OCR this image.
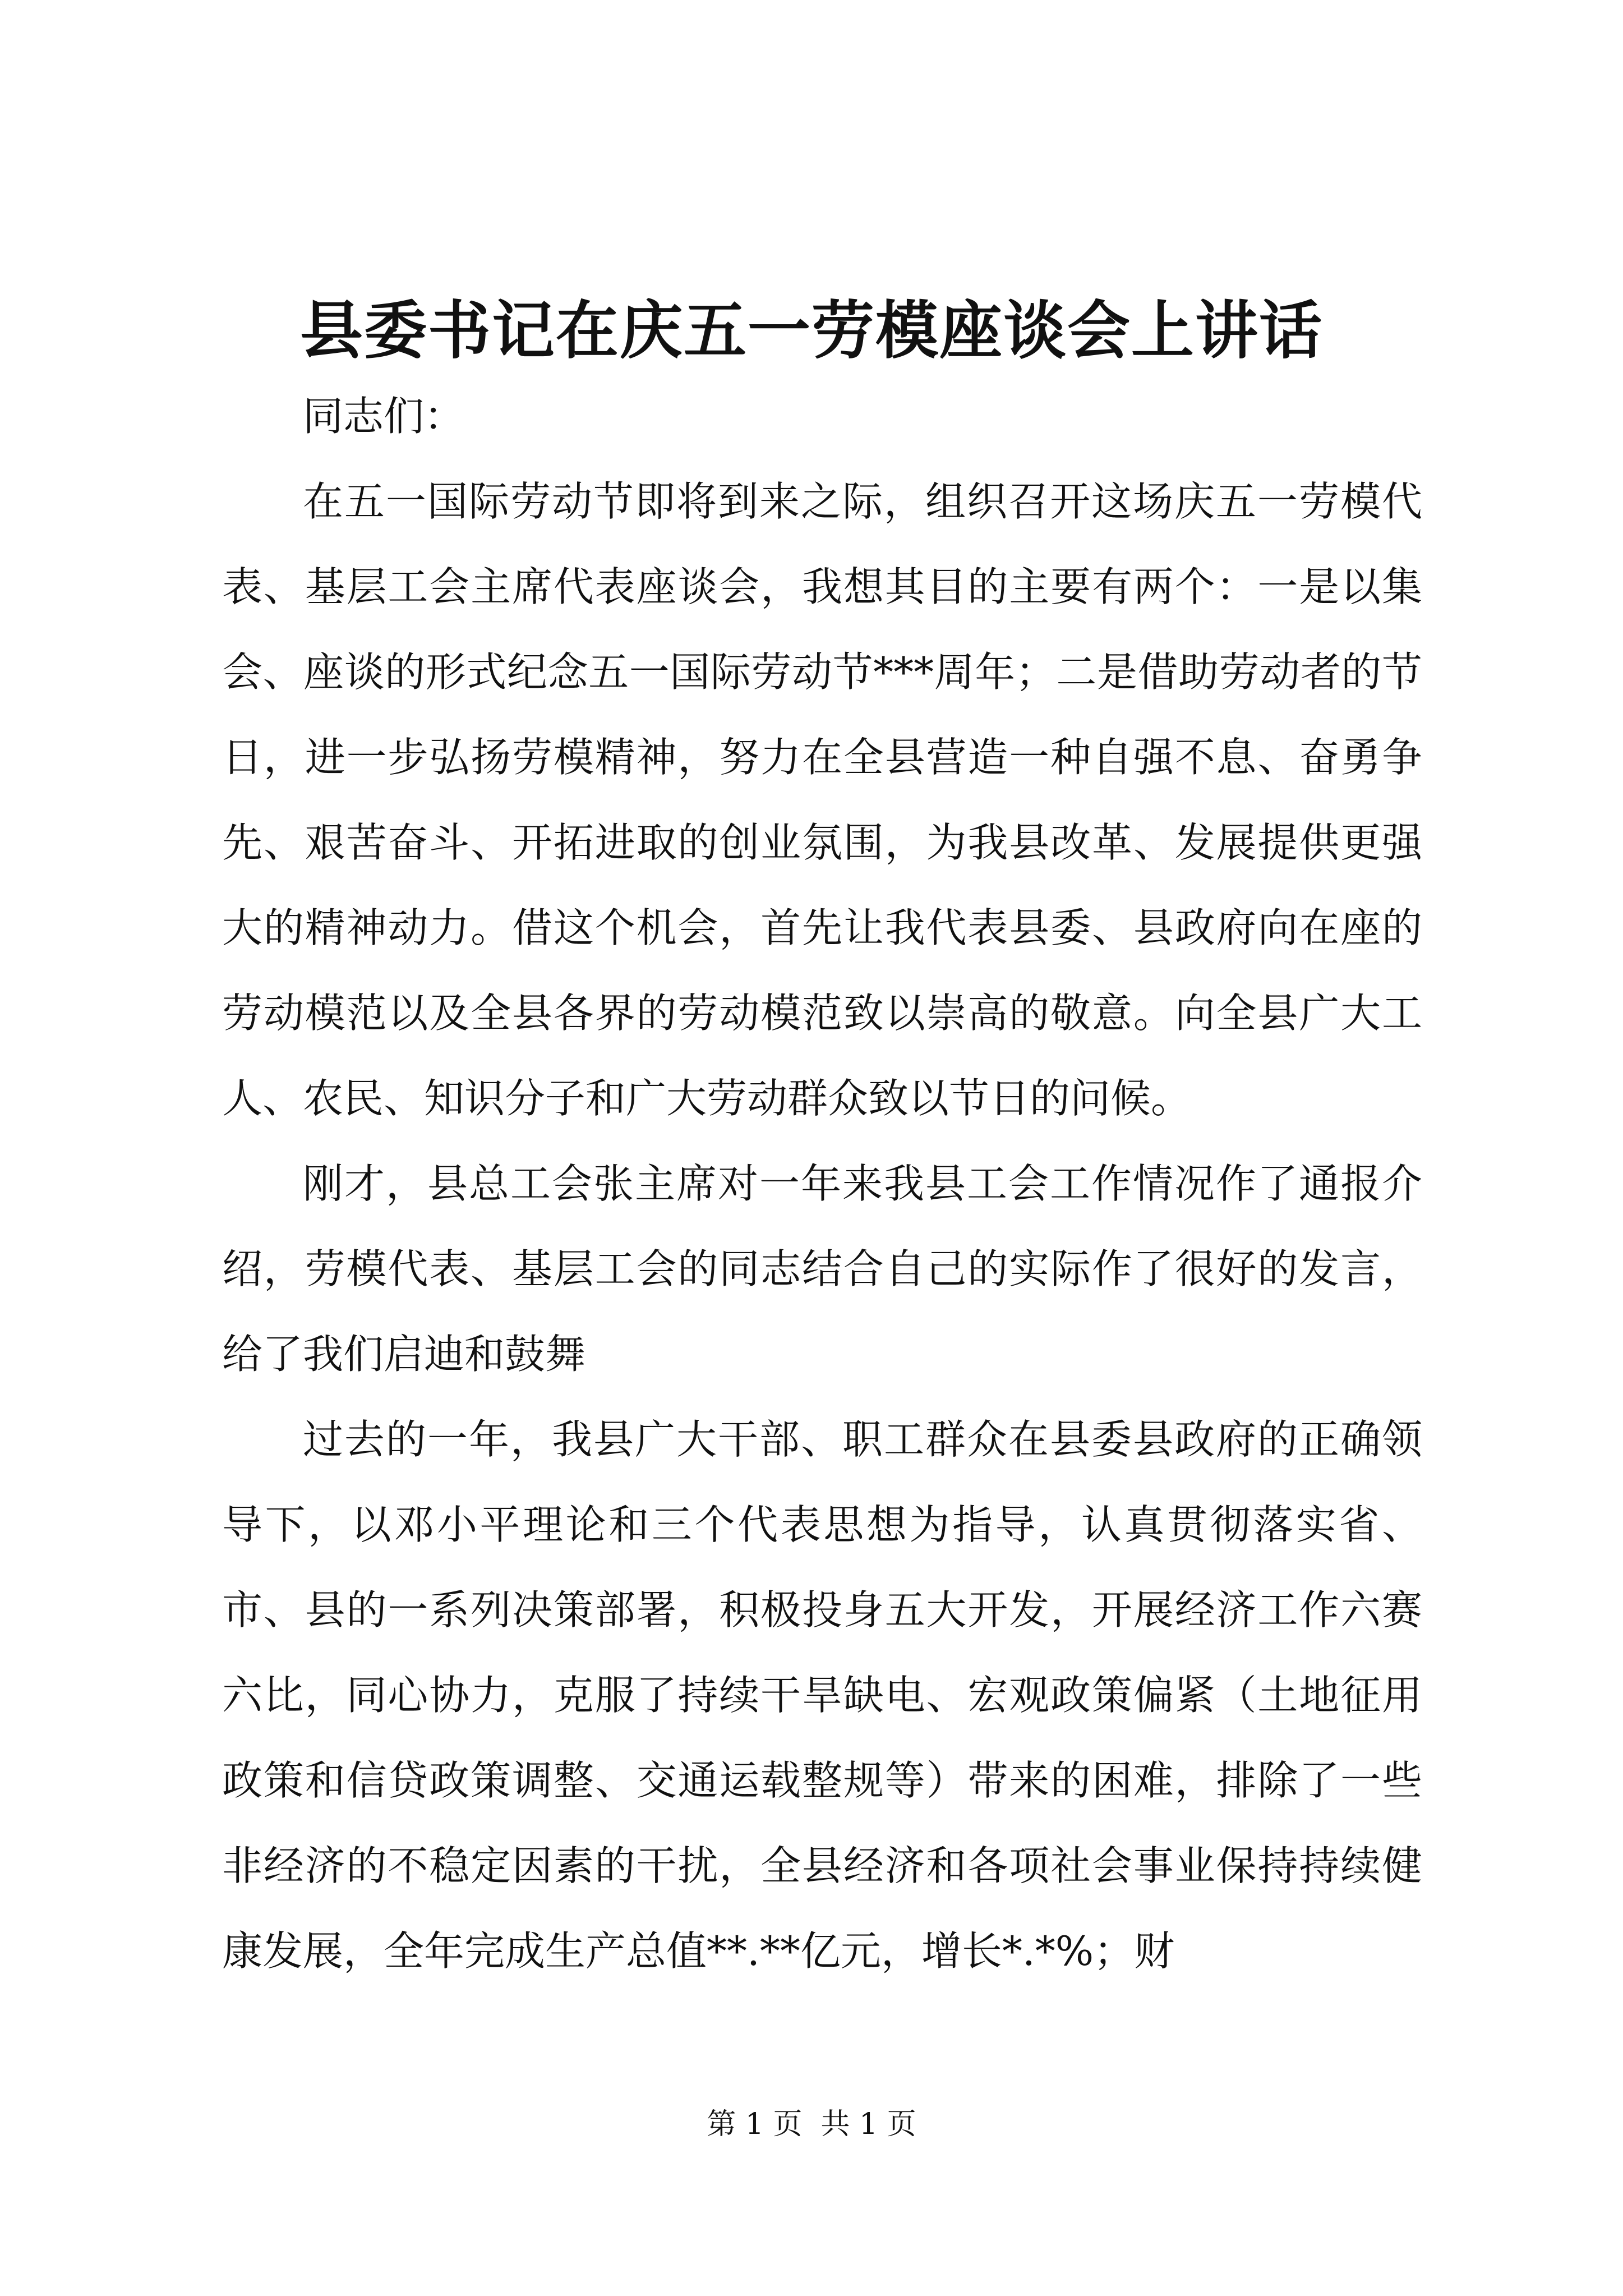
县委书记在庆五一劳模座谈会上讲话

同志们：

在五一国际劳动节即将到来之际，组织召开这场庆五一劳模代表、基层工会主席代表座谈会，我想其目的主要有两个：一是以集会、座谈的形式纪念五一国际劳动节***周年；二是借助劳动者的节日，进一步弘扬劳模精神，努力在全县营造一种自强不息、奋勇争先、艰苦奋斗、开拓进取的创业氛围，为我县改革、发展提供更强大的精神动力。借这个机会，首先让我代表县委、县政府向在座的劳动模范以及全县各界的劳动模范致以崇高的敬意。向全县广大工人、农民、知识分子和广大劳动群众致以节日的问候。

刚才，县总工会张主席对一年来我县工会工作情况作了通报介绍，劳模代表、基层工会的同志结合自己的实际作了很好的发言，给了我们启迪和鼓舞

过去的一年，我县广大干部、职工群众在县委县政府的正确领导下，以邓小平理论和三个代表思想为指导，认真贯彻落实省、市、县的一系列决策部署，积极投身五大开发，开展经济工作六赛六比，同心协力，克服了持续干旱缺电、宏观政策偏紧（土地征用政策和信贷政策调整、交通运载整规等）带来的困难，排除了一些非经济的不稳定因素的干扰，全县经济和各项社会事业保持持续健康发展，全年完成生产总值**.**亿元，增长*.*%；财

第 1 页  共 1 页
